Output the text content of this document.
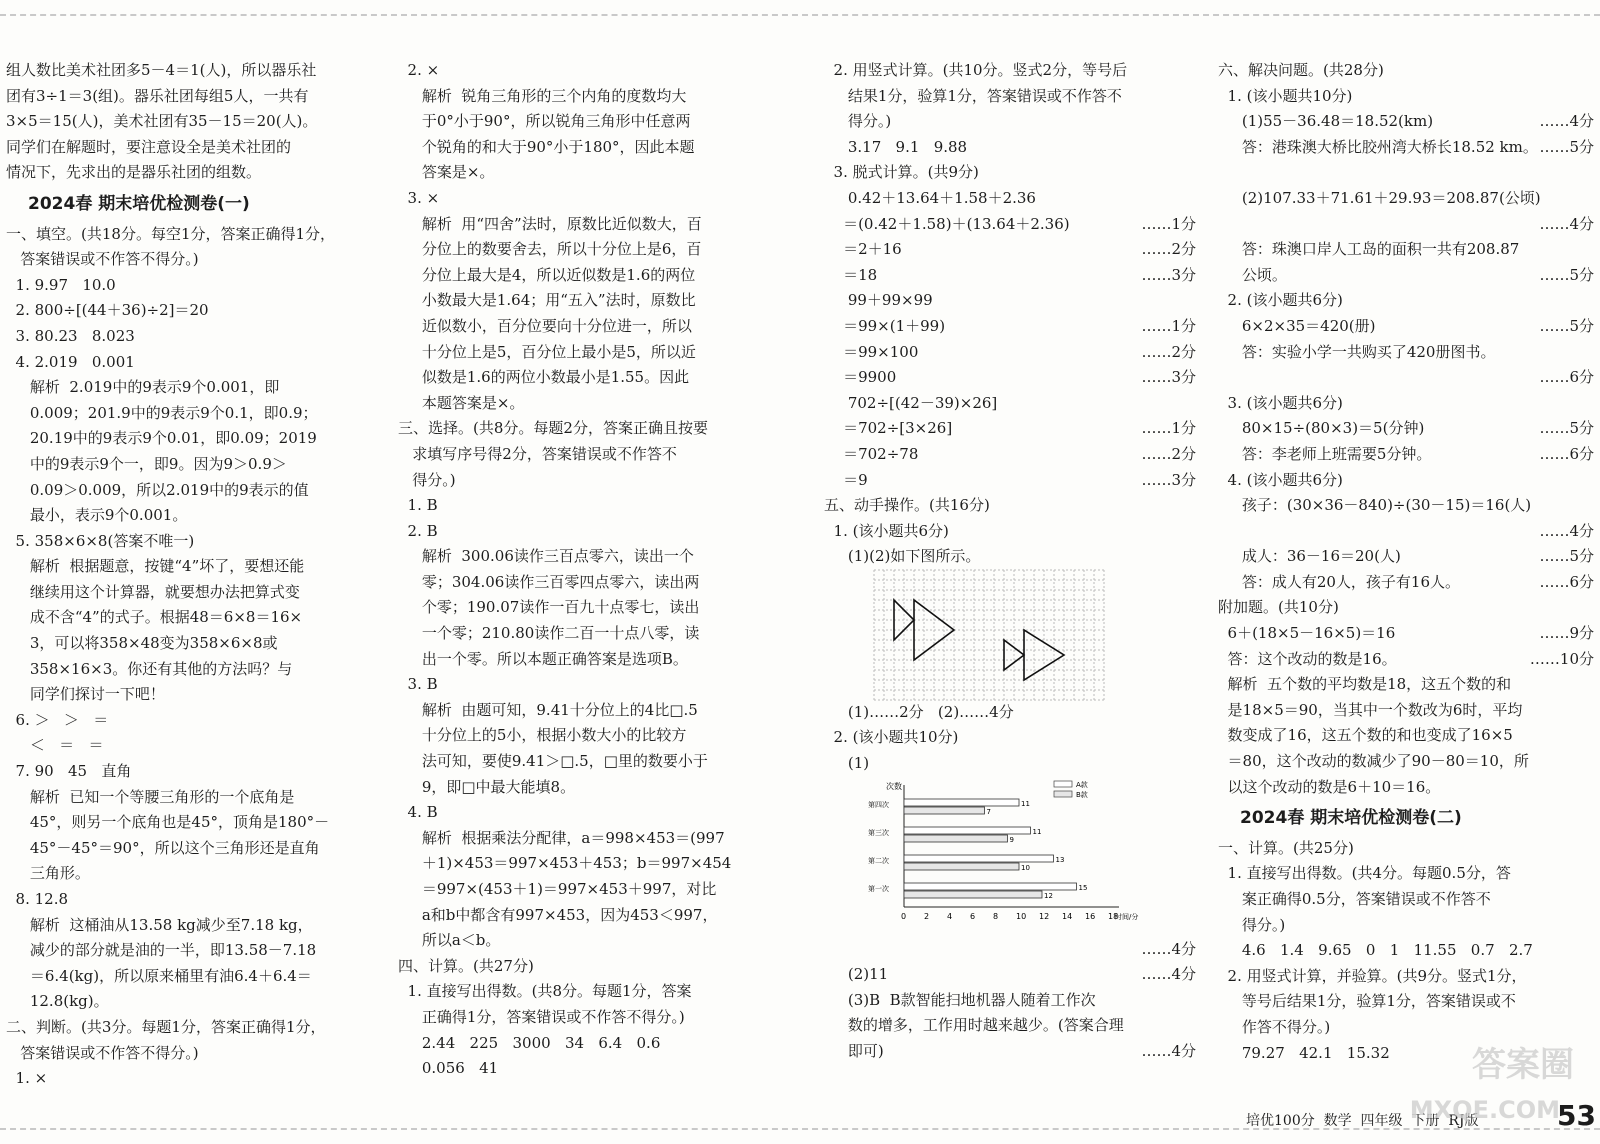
组人数比美术社团多5－4＝1(人)，所以器乐社
团有3÷1＝3(组)。器乐社团每组5人，一共有
3×5＝15(人)，美术社团有35－15＝20(人)。
同学们在解题时，要注意设全是美术社团的
情况下，先求出的是器乐社团的组数。
2024春 期末培优检测卷(一)
一、填空。(共18分。每空1分，答案正确得1分，
答案错误或不作答不得分。)
1. 9.97   10.0
2. 800÷[(44＋36)÷2]＝20
3. 80.23   8.023
4. 2.019   0.001
解析  2.019中的9表示9个0.001，即
0.009；201.9中的9表示9个0.1，即0.9；
20.19中的9表示9个0.01，即0.09；2019
中的9表示9个一，即9。因为9＞0.9＞
0.09＞0.009，所以2.019中的9表示的值
最小，表示9个0.001。
5. 358×6×8(答案不唯一)
解析  根据题意，按键“4”坏了，要想还能
继续用这个计算器，就要想办法把算式变
成不含“4”的式子。根据48＝6×8＝16×
3，可以将358×48变为358×6×8或
358×16×3。你还有其他的方法吗？与
同学们探讨一下吧！
6. ＞   ＞   ＝
＜   ＝   ＝
7. 90   45   直角
解析  已知一个等腰三角形的一个底角是
45°，则另一个底角也是45°，顶角是180°－
45°－45°＝90°，所以这个三角形还是直角
三角形。
8. 12.8
解析  这桶油从13.58 kg减少至7.18 kg，
减少的部分就是油的一半，即13.58－7.18
＝6.4(kg)，所以原来桶里有油6.4＋6.4＝
12.8(kg)。
二、判断。(共3分。每题1分，答案正确得1分，
答案错误或不作答不得分。)
1. ×
2. ×
解析  锐角三角形的三个内角的度数均大
于0°小于90°，所以锐角三角形中任意两
个锐角的和大于90°小于180°，因此本题
答案是×。
3. ×
解析  用“四舍”法时，原数比近似数大，百
分位上的数要舍去，所以十分位上是6，百
分位上最大是4，所以近似数是1.6的两位
小数最大是1.64；用“五入”法时，原数比
近似数小，百分位要向十分位进一，所以
十分位上是5，百分位上最小是5，所以近
似数是1.6的两位小数最小是1.55。因此
本题答案是×。
三、选择。(共8分。每题2分，答案正确且按要
求填写序号得2分，答案错误或不作答不
得分。)
1. B
2. B
解析  300.06读作三百点零六，读出一个
零；304.06读作三百零四点零六，读出两
个零；190.07读作一百九十点零七，读出
一个零；210.80读作二百一十点八零，读
出一个零。所以本题正确答案是选项B。
3. B
解析  由题可知，9.41十分位上的4比□.5
十分位上的5小，根据小数大小的比较方
法可知，要使9.41＞□.5，□里的数要小于
9，即□中最大能填8。
4. B
解析  根据乘法分配律，a＝998×453＝(997
＋1)×453＝997×453＋453；b＝997×454
＝997×(453＋1)＝997×453＋997，对比
a和b中都含有997×453，因为453＜997，
所以a＜b。
四、计算。(共27分)
1. 直接写出得数。(共8分。每题1分，答案
正确得1分，答案错误或不作答不得分。)
2.44   225   3000   34   6.4   0.6
0.056   41
2. 用竖式计算。(共10分。竖式2分，等号后
结果1分，验算1分，答案错误或不作答不
得分。)
3.17   9.1   9.88
3. 脱式计算。(共9分)
0.42＋13.64＋1.58＋2.36
＝(0.42＋1.58)＋(13.64＋2.36)	……1分
＝2＋16	……2分
＝18	……3分
99＋99×99
＝99×(1＋99)	……1分
＝99×100	……2分
＝9900	……3分
702÷[(42－39)×26]
＝702÷[3×26]	……1分
＝702÷78	……2分
＝9	……3分
五、动手操作。(共16分)
1. (该小题共6分)
(1)(2)如下图所示。
(1)……2分   (2)……4分
2. (该小题共10分)
(1)
次数
时间/分
0 2 4 6 8 10 12 14 16 18
A款
B款
第一次	15
12
第二次	13
10
第三次	11
9
第四次	11
7
……4分
(2)11	……4分
(3)B  B款智能扫地机器人随着工作次
数的增多，工作用时越来越少。(答案合理
即可)	……4分
六、解决问题。(共28分)
1. (该小题共10分)
(1)55－36.48＝18.52(km)	……4分
答：港珠澳大桥比胶州湾大桥长18.52 km。 ……5分
(2)107.33＋71.61＋29.93＝208.87(公顷)
……4分
答：珠澳口岸人工岛的面积一共有208.87
公顷。	……5分
2. (该小题共6分)
6×2×35＝420(册)	……5分
答：实验小学一共购买了420册图书。
……6分
3. (该小题共6分)
80×15÷(80×3)＝5(分钟)	……5分
答：李老师上班需要5分钟。	……6分
4. (该小题共6分)
孩子：(30×36－840)÷(30－15)＝16(人)
……4分
成人：36－16＝20(人)	……5分
答：成人有20人，孩子有16人。	……6分
附加题。(共10分)
6＋(18×5－16×5)＝16	……9分
答：这个改动的数是16。	……10分
解析  五个数的平均数是18，这五个数的和
是18×5＝90，当其中一个数改为6时，平均
数变成了16，这五个数的和也变成了16×5
＝80，这个改动的数减少了90－80＝10，所
以这个改动的数是6＋10＝16。
2024春 期末培优检测卷(二)
一、计算。(共25分)
1. 直接写出得数。(共4分。每题0.5分，答
案正确得0.5分，答案错误或不作答不
得分。)
4.6   1.4   9.65   0   1   11.55   0.7   2.7
2. 用竖式计算，并验算。(共9分。竖式1分，
等号后结果1分，验算1分，答案错误或不
作答不得分。)
79.27   42.1   15.32
培优100分  数学  四年级  下册  RJ版	53
答案圈
MXQE.COM
